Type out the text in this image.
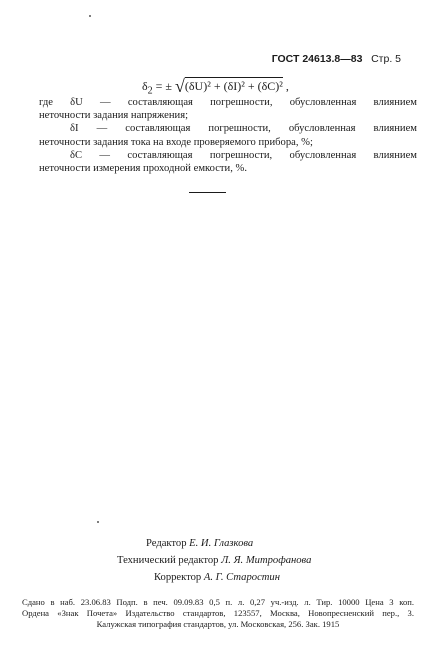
ГОСТ 24613.8—83 Стр. 5
$\delta_2$ = ± √(δU)² + (δI)² + (δC)² ,

где δU — составляющая погрешности, обусловленная влиянием

неточности задания напряжения;

δI — составляющая погрешности, обусловленная влиянием

неточности задания тока на входе проверяемого прибора, %;

δC — составляющая погрешности, обусловленная влиянием

неточности измерения проходной емкости, %.

Редактор Е. И. Глазкова
Технический редактор Л. Я. Митрофанова
Корректор А. Г. Старостин

Сдано в наб. 23.06.83 Подп. в печ. 09.09.83 0,5 п. л. 0,27 уч.-изд. л. Тир. 10000 Цена 3 коп.

Ордена «Знак Почета» Издательство стандартов, 123557, Москва, Новопресненский пер., 3.

Калужская типография стандартов, ул. Московская, 256. Зак. 1915
